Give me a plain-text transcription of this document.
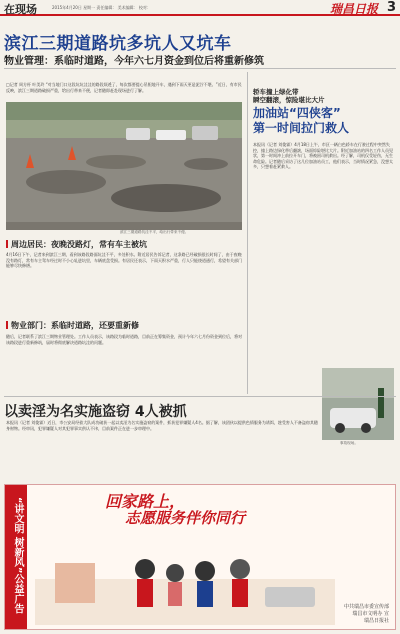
在现场	2015年4月20日 星期一 责任编辑： 美术编辑： 校对：	瑞昌日报 3
滨江三期道路坑多坑人又坑车
物业管理：系临时道路，今年六七月资金到位后将重新修筑
□记者 周方杆 叶美玲 “对当地门口这段坑坑洼洼的路段烦透了，每次都要提心吊胆地开车，遇到下雨天更是泥泞不堪。”近日，有市民反映，滨江三期道路破损严重，给出行带来不便，记者随即赶赴现场进行了解。
滨江三期道路坑洼不平，给出行带来不便。
周边居民：夜晚没路灯，常有车主被坑
4月16日下午，记者来到滨江三期，看到该路段路面坑洼不平，多处积水。附近居民告诉记者，这条路已经破损很长时间了，由于夜晚没有路灯，常有车主驾车经过时不小心轧进坑里，车辆底盘受损。有居民还表示，下雨天积水严重，行人只能绕道通行，希望有关部门能够尽快修缮。
物业部门：系临时道路，还要重新修
随后，记者联系了滨江三期物业管理处。工作人员表示，该路段为临时道路，目前正在筹集资金，预计今年六七月份资金到位后，将对该路段进行重新修筑，届时将彻底解决道路坑洼的问题。
轿车撞上绿化带
瞬空翻滚，惊险堪比大片
加油站“四侠客”
第一时间拉门救人
本报讯（记者 刘俊霖）4月18日上午，市区一辆白色轿车在行驶过程中突然失控，撞上路边绿化带后翻滚，场面惊险堪比大片。附近加油站的四名工作人员见状，第一时间冲上前拉开车门，将被困司机救出。经了解，司机仅受轻伤，无生命危险。记者随后采访了这几位加油站员工，他们表示，当时情况紧急，没想太多，只想着赶紧救人。
事故现场。
以卖淫为名实施盗窃 4人被抓
本报讯（记者 刘俊霖）近日，市公安局经侦大队成功破获一起以卖淫为名实施盗窃的案件，抓获犯罪嫌疑人4名。据了解，该团伙以提供色情服务为诱饵，趁受害人不备盗窃其随身财物。经审讯，犯罪嫌疑人对其犯罪事实供认不讳，目前案件正在进一步审理中。
“讲文明 树新风”公益广告	回家路上，
志愿服务伴你同行
中共瑞昌市委宣传部
瑞昌市文明办 宣
瑞昌日报社
